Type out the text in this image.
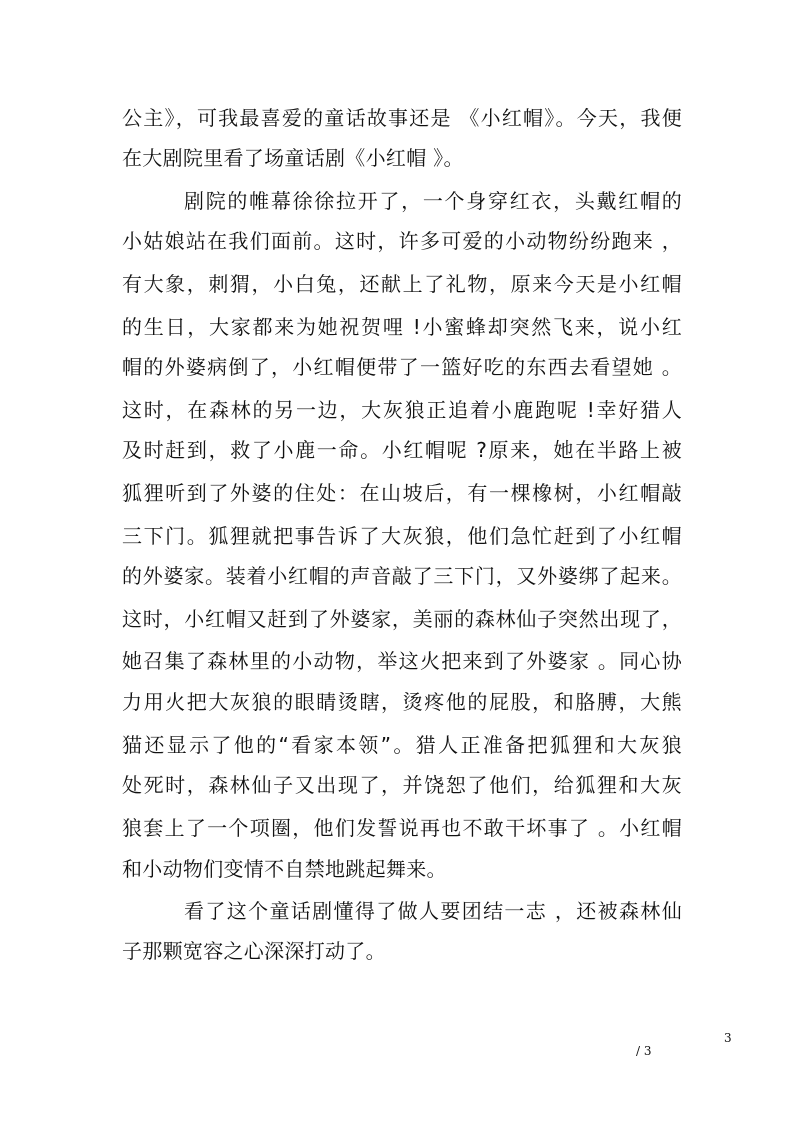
公主》，可我最喜爱的童话故事还是 《小红帽》。今天，我便
在大剧院里看了场童话剧《小红帽 》。
剧院的帷幕徐徐拉开了，一个身穿红衣，头戴红帽的
小姑娘站在我们面前。这时，许多可爱的小动物纷纷跑来 ，
有大象，刺猬，小白兔，还献上了礼物，原来今天是小红帽
的生日，大家都来为她祝贺哩 !小蜜蜂却突然飞来，说小红
帽的外婆病倒了，小红帽便带了一篮好吃的东西去看望她 。
这时，在森林的另一边，大灰狼正追着小鹿跑呢 !幸好猎人
及时赶到，救了小鹿一命。小红帽呢 ?原来，她在半路上被
狐狸听到了外婆的住处：在山坡后，有一棵橡树，小红帽敲
三下门。狐狸就把事告诉了大灰狼，他们急忙赶到了小红帽
的外婆家。装着小红帽的声音敲了三下门，又外婆绑了起来。
这时，小红帽又赶到了外婆家，美丽的森林仙子突然出现了，
她召集了森林里的小动物，举这火把来到了外婆家 。同心协
力用火把大灰狼的眼睛烫瞎，烫疼他的屁股，和胳膊，大熊
猫还显示了他的“看家本领”。猎人正准备把狐狸和大灰狼
处死时，森林仙子又出现了，并饶恕了他们，给狐狸和大灰
狼套上了一个项圈，他们发誓说再也不敢干坏事了 。小红帽
和小动物们变情不自禁地跳起舞来。
看了这个童话剧懂得了做人要团结一志 ，还被森林仙
子那颗宽容之心深深打动了。
3
/ 3
